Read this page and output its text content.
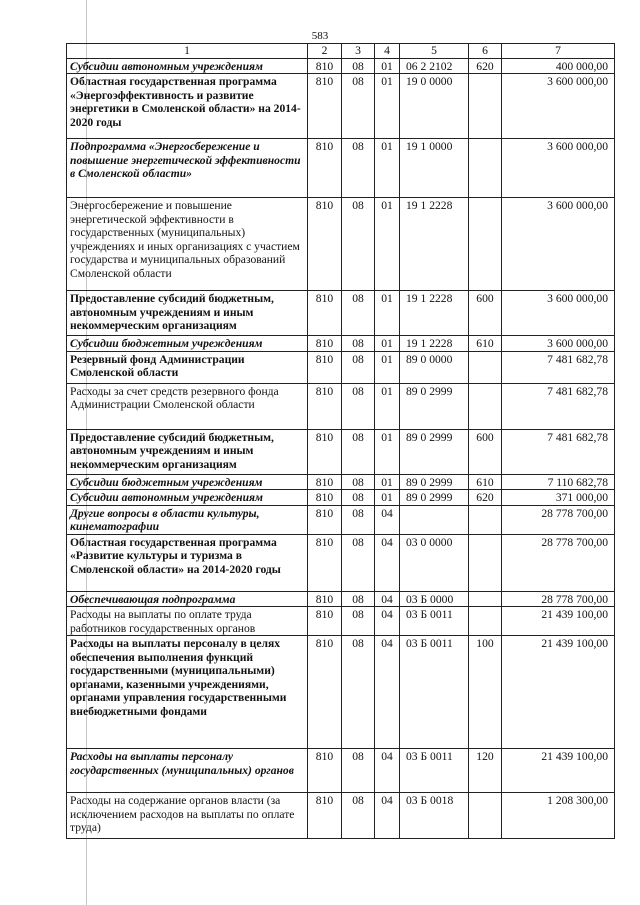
583
1	2	3	4	5	6	7
Субсидии автономным учреждениям	810	08	01	06 2 2102	620	400 000,00
Областная государственная программа «Энергоэффективность и развитие энергетики в Смоленской области» на 2014-2020 годы	810	08	01	19 0 0000		3 600 000,00
Подпрограмма «Энергосбережение и повышение энергетической эффективности в Смоленской области»	810	08	01	19 1 0000		3 600 000,00
Энергосбережение и повышение энергетической эффективности в государственных (муниципальных) учреждениях и иных организациях с участием государства и муниципальных образований Смоленской области	810	08	01	19 1 2228		3 600 000,00
Предоставление субсидий бюджетным, автономным учреждениям и иным некоммерческим организациям	810	08	01	19 1 2228	600	3 600 000,00
Субсидии бюджетным учреждениям	810	08	01	19 1 2228	610	3 600 000,00
Резервный фонд Администрации Смоленской области	810	08	01	89 0 0000		7 481 682,78
Расходы за счет средств резервного фонда Администрации Смоленской области	810	08	01	89 0 2999		7 481 682,78
Предоставление субсидий бюджетным, автономным учреждениям и иным некоммерческим организациям	810	08	01	89 0 2999	600	7 481 682,78
Субсидии бюджетным учреждениям	810	08	01	89 0 2999	610	7 110 682,78
Субсидии автономным учреждениям	810	08	01	89 0 2999	620	371 000,00
Другие вопросы в области культуры, кинематографии	810	08	04			28 778 700,00
Областная государственная программа «Развитие культуры и туризма в Смоленской области» на 2014-2020 годы	810	08	04	03 0 0000		28 778 700,00
Обеспечивающая подпрограмма	810	08	04	03 Б 0000		28 778 700,00
Расходы на выплаты по оплате труда работников государственных органов	810	08	04	03 Б 0011		21 439 100,00
Расходы на выплаты персоналу в целях обеспечения выполнения функций государственными (муниципальными) органами, казенными учреждениями, органами управления государственными внебюджетными фондами	810	08	04	03 Б 0011	100	21 439 100,00
Расходы на выплаты персоналу государственных (муниципальных) органов	810	08	04	03 Б 0011	120	21 439 100,00
Расходы на содержание органов власти (за исключением расходов на выплаты по оплате труда)	810	08	04	03 Б 0018		1 208 300,00
